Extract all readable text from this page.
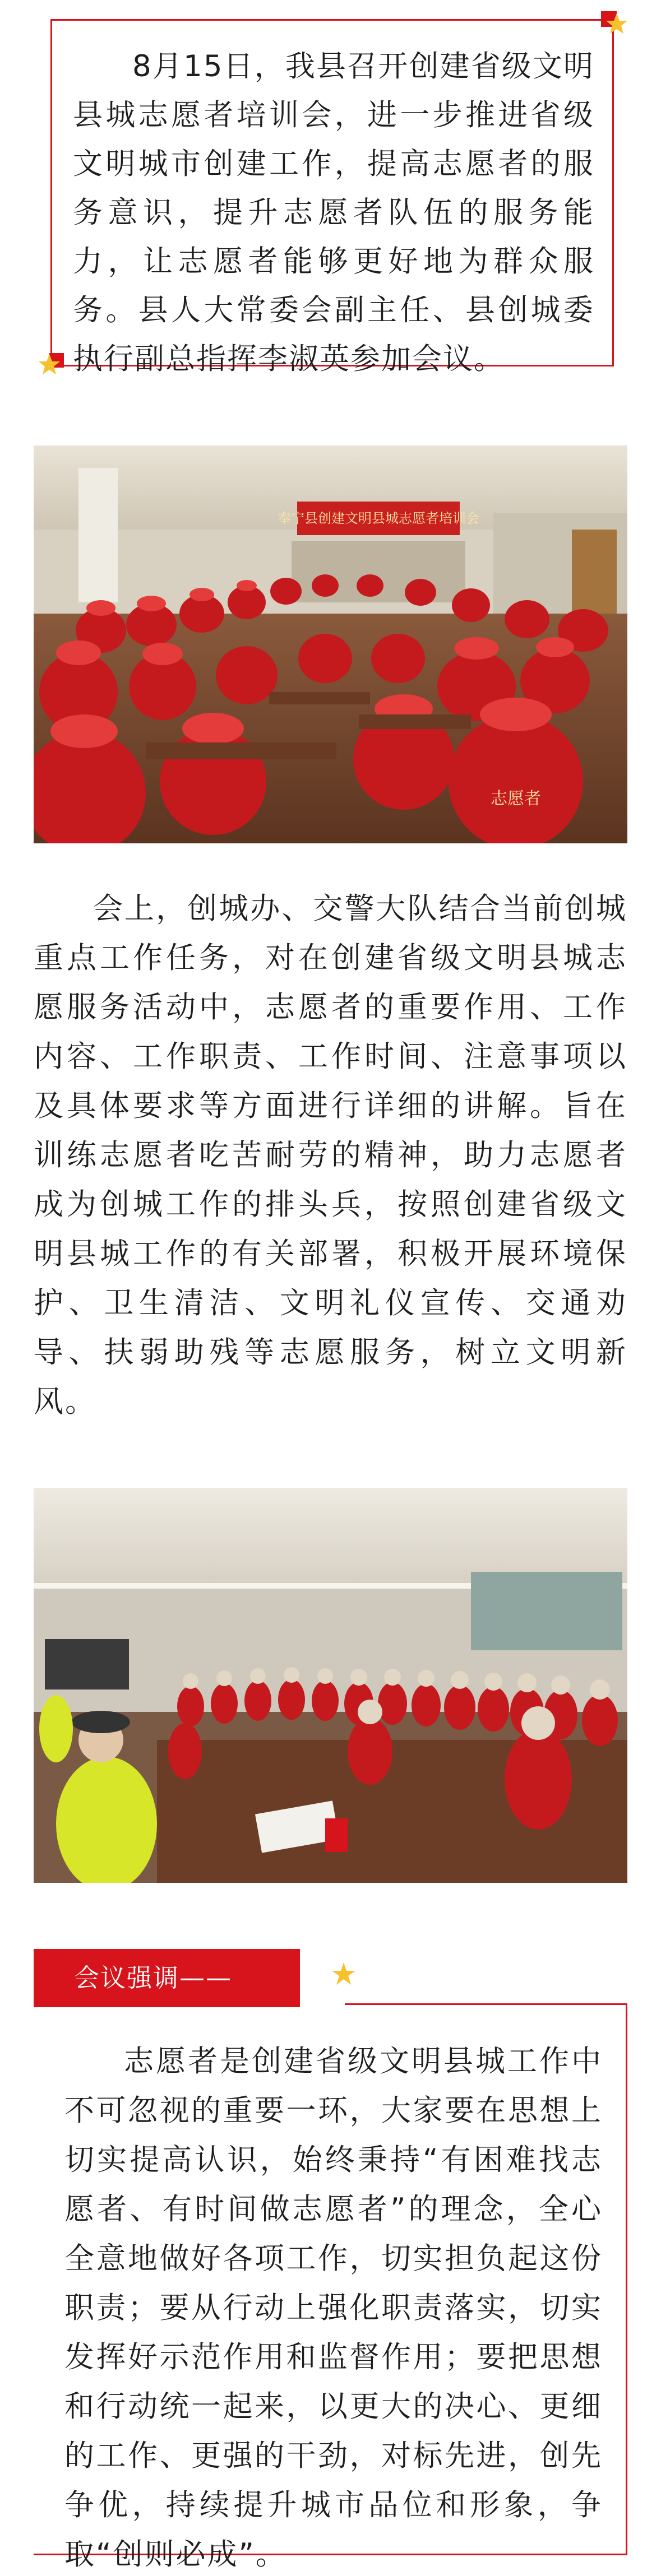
8月15日，我县召开创建省级文明县城志愿者培训会，进一步推进省级文明城市创建工作，提高志愿者的服务意识，提升志愿者队伍的服务能力，让志愿者能够更好地为群众服务。县人大常委会副主任、县创城委执行副总指挥李淑英参加会议。

奉宁县创建文明县城志愿者培训会
志愿者

会上，创城办、交警大队结合当前创城重点工作任务，对在创建省级文明县城志愿服务活动中，志愿者的重要作用、工作内容、工作职责、工作时间、注意事项以及具体要求等方面进行详细的讲解。旨在训练志愿者吃苦耐劳的精神，助力志愿者成为创城工作的排头兵，按照创建省级文明县城工作的有关部署，积极开展环境保护、卫生清洁、文明礼仪宣传、交通劝导、扶弱助残等志愿服务，树立文明新风。

会议强调——

志愿者是创建省级文明县城工作中不可忽视的重要一环，大家要在思想上切实提高认识，始终秉持“有困难找志愿者、有时间做志愿者”的理念，全心全意地做好各项工作，切实担负起这份职责；要从行动上强化职责落实，切实发挥好示范作用和监督作用；要把思想和行动统一起来，以更大的决心、更细的工作、更强的干劲，对标先进，创先争优，持续提升城市品位和形象，争取“创则必成”。
